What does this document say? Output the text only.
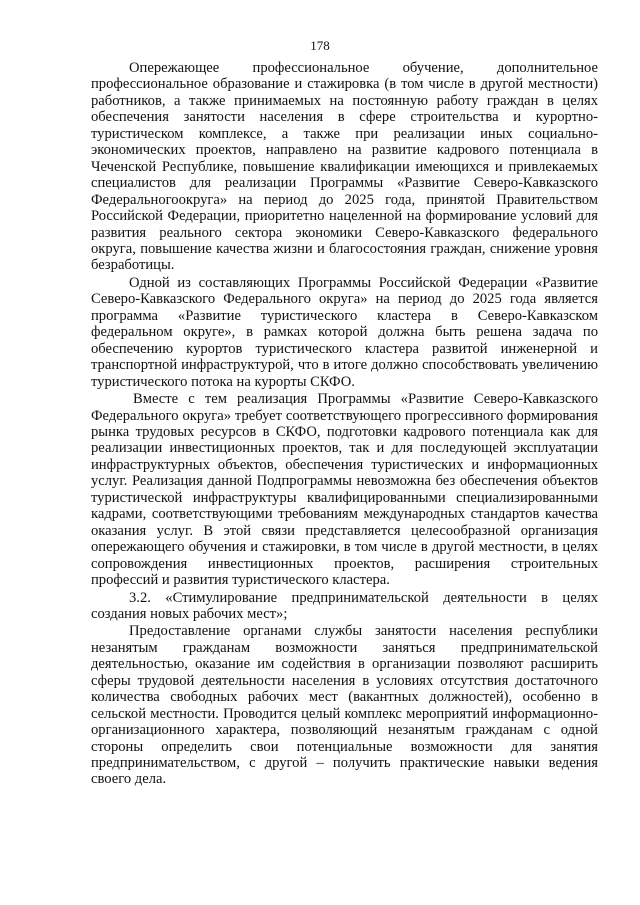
178

Опережающее профессиональное обучение, дополнительное профессиональное образование и стажировка (в том числе в другой местности) работников, а также принимаемых на постоянную работу граждан в целях обеспечения занятости населения в сфере строительства и курортно-туристическом комплексе, а также при реализации иных социально-экономических проектов, направлено на развитие кадрового потенциала в Чеченской Республике, повышение квалификации имеющихся и привлекаемых специалистов для реализации Программы «Развитие Северо-Кавказского Федеральногоокруга» на период до 2025 года, принятой Правительством Российской Федерации, приоритетно нацеленной на формирование условий для развития реального сектора экономики Северо-Кавказского федерального округа, повышение качества жизни и благосостояния граждан, снижение уровня безработицы.

Одной из составляющих Программы Российской Федерации «Развитие Северо-Кавказского Федерального округа» на период до 2025 года является программа «Развитие туристического кластера в Северо-Кавказском федеральном округе», в рамках которой должна быть решена задача по обеспечению курортов туристического кластера развитой инженерной и транспортной инфраструктурой, что в итоге должно способствовать увеличению туристического потока на курорты СКФО.

Вместе с тем реализация Программы «Развитие Северо-Кавказского Федерального округа» требует соответствующего прогрессивного формирования рынка трудовых ресурсов в СКФО, подготовки кадрового потенциала как для реализации инвестиционных проектов, так и для последующей эксплуатации инфраструктурных объектов, обеспечения туристических и информационных услуг. Реализация данной Подпрограммы невозможна без обеспечения объектов туристической инфраструктуры квалифицированными специализированными кадрами, соответствующими требованиям международных стандартов качества оказания услуг. В этой связи представляется целесообразной организация опережающего обучения и стажировки, в том числе в другой местности, в целях сопровождения инвестиционных проектов, расширения строительных профессий и развития туристического кластера.

3.2. «Стимулирование предпринимательской деятельности в целях создания новых рабочих мест»;

Предоставление органами службы занятости населения республики незанятым гражданам возможности заняться предпринимательской деятельностью, оказание им содействия в организации позволяют расширить сферы трудовой деятельности населения в условиях отсутствия достаточного количества свободных рабочих мест (вакантных должностей), особенно в сельской местности. Проводится целый комплекс мероприятий информационно-организационного характера, позволяющий незанятым гражданам с одной стороны определить свои потенциальные возможности для занятия предпринимательством, с другой – получить практические навыки ведения своего дела.
